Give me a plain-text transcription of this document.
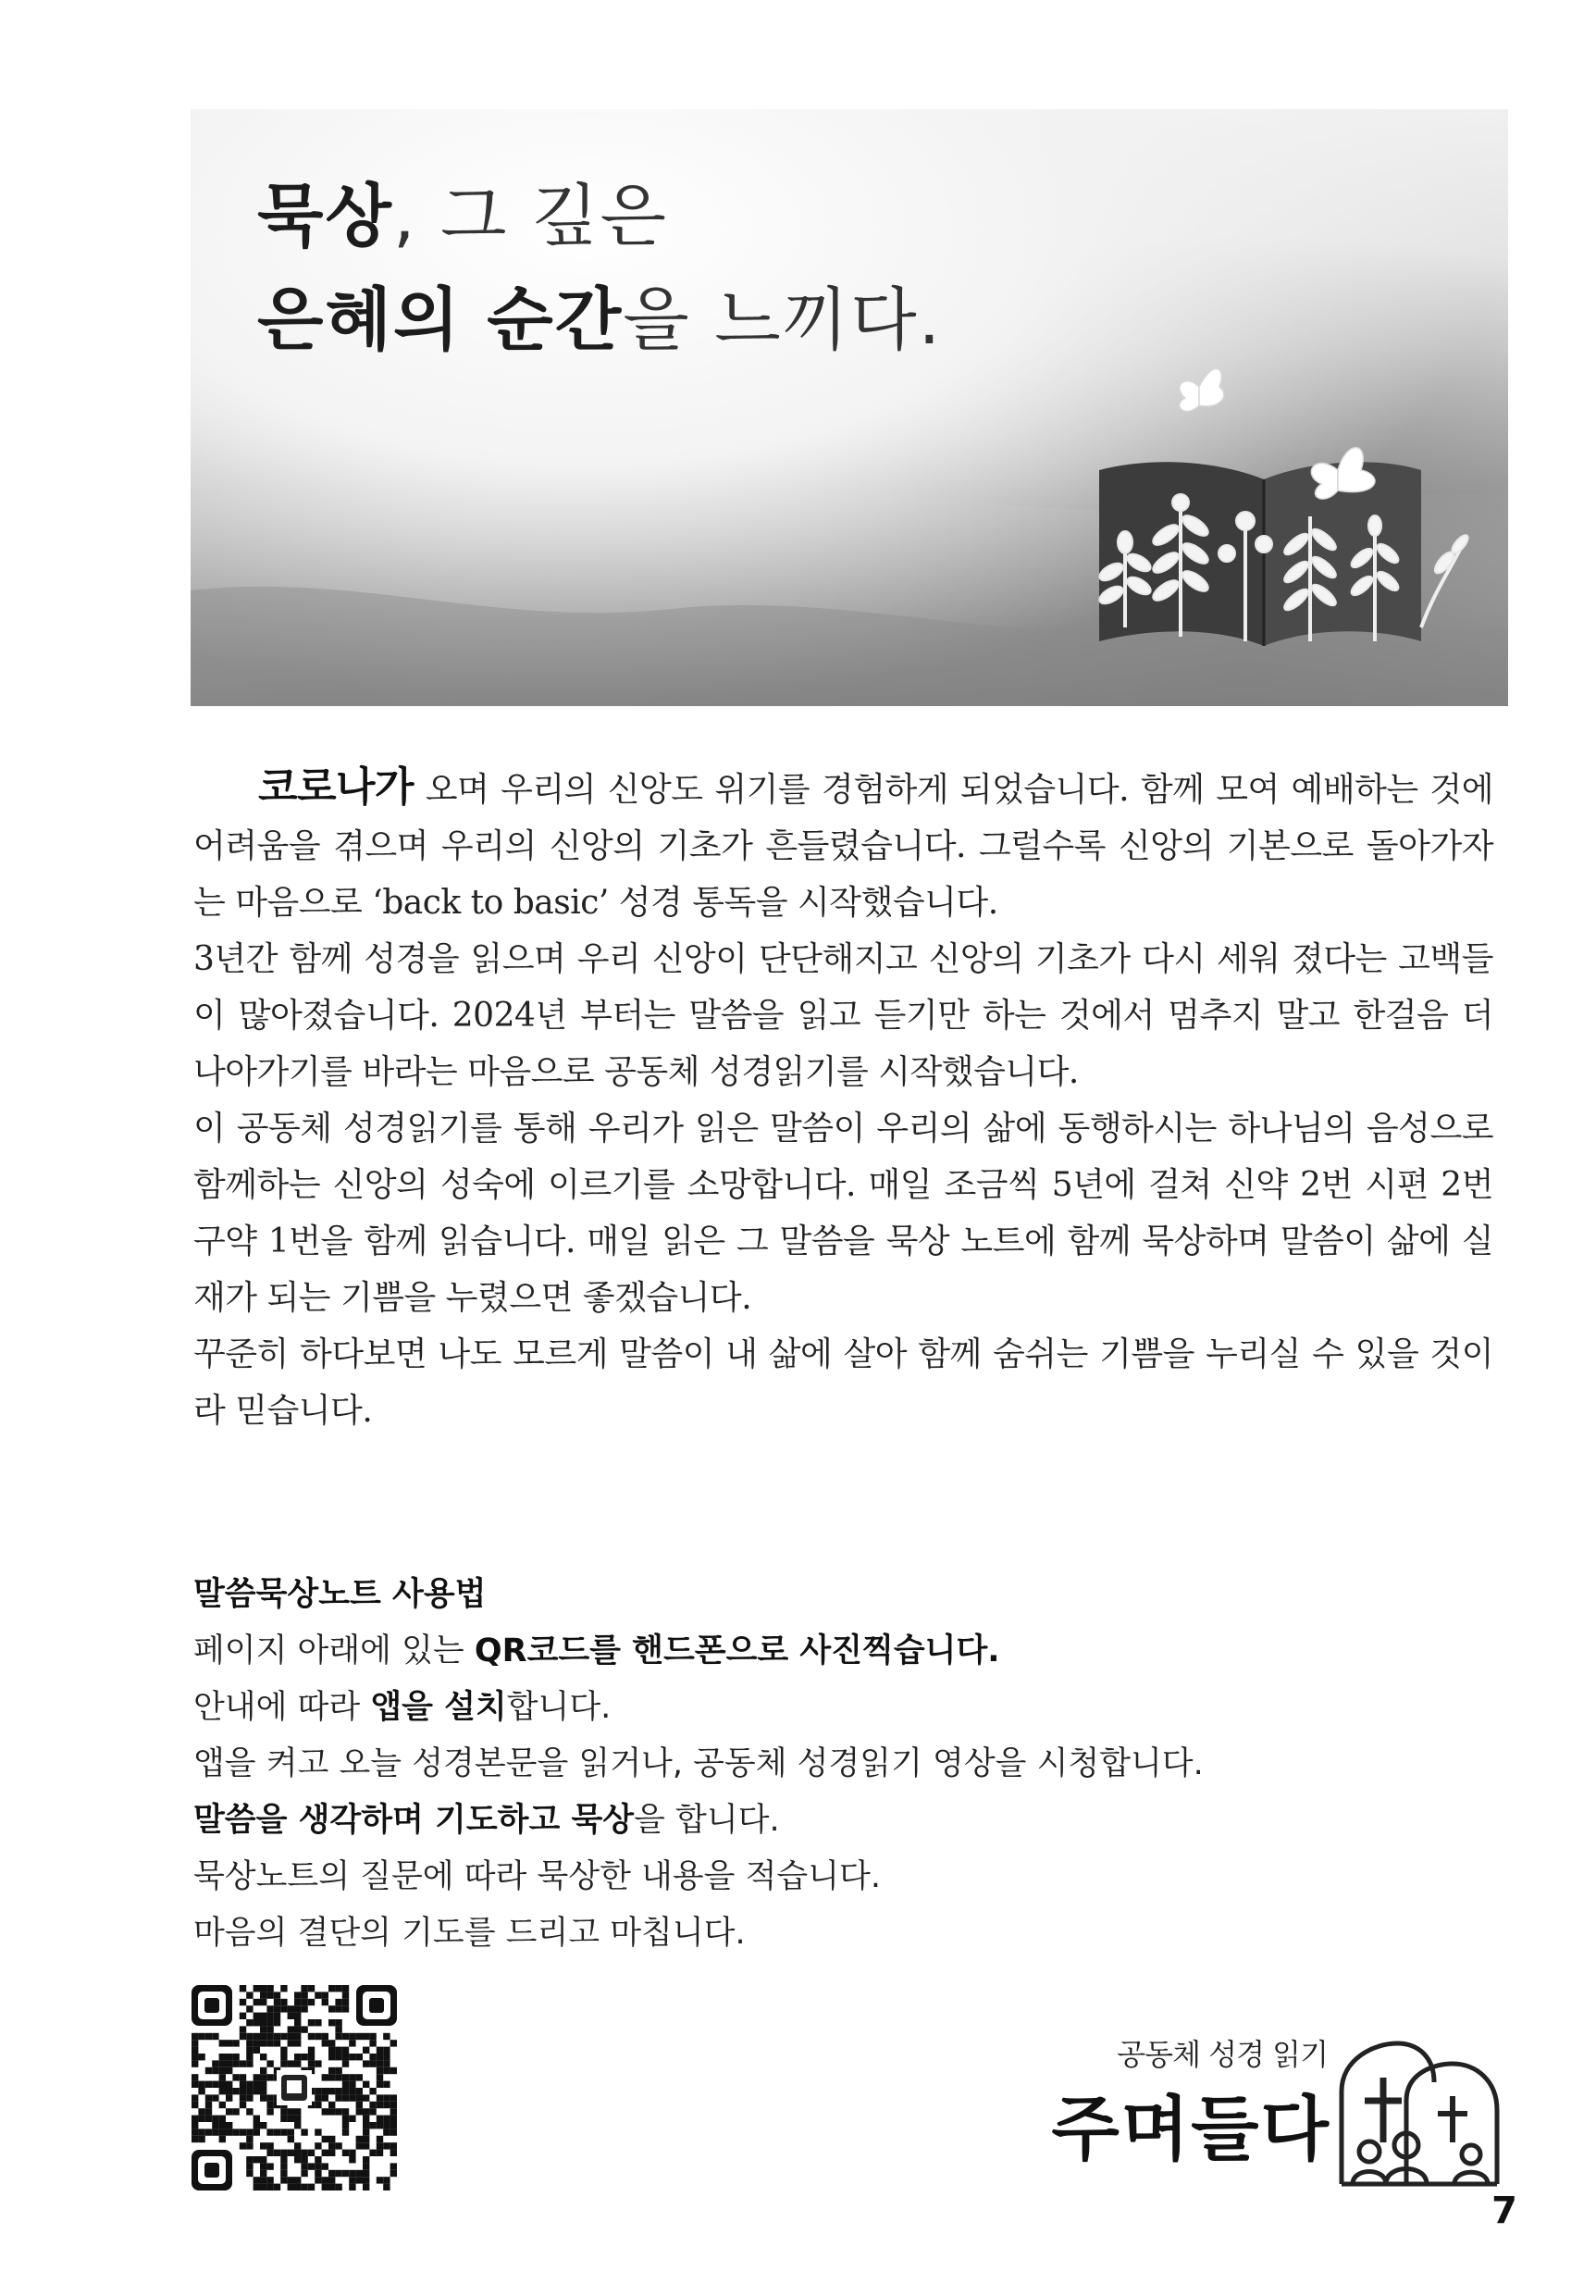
묵상, 그 깊은
은혜의 순간을 느끼다.

코로나가 오며 우리의 신앙도 위기를 경험하게 되었습니다. 함께 모여 예배하는 것에 어려움을 겪으며 우리의 신앙의 기초가 흔들렸습니다. 그럴수록 신앙의 기본으로 돌아가자는 마음으로 ‘back to basic’ 성경 통독을 시작했습니다.

3년간 함께 성경을 읽으며 우리 신앙이 단단해지고 신앙의 기초가 다시 세워 졌다는 고백들이 많아졌습니다. 2024년 부터는 말씀을 읽고 듣기만 하는 것에서 멈추지 말고 한걸음 더 나아가기를 바라는 마음으로 공동체 성경읽기를 시작했습니다.

이 공동체 성경읽기를 통해 우리가 읽은 말씀이 우리의 삶에 동행하시는 하나님의 음성으로 함께하는 신앙의 성숙에 이르기를 소망합니다. 매일 조금씩 5년에 걸쳐 신약 2번 시편 2번 구약 1번을 함께 읽습니다. 매일 읽은 그 말씀을 묵상 노트에 함께 묵상하며 말씀이 삶에 실재가 되는 기쁨을 누렸으면 좋겠습니다.

꾸준히 하다보면 나도 모르게 말씀이 내 삶에 살아 함께 숨쉬는 기쁨을 누리실 수 있을 것이라 믿습니다.

말씀묵상노트 사용법
페이지 아래에 있는 QR코드를 핸드폰으로 사진찍습니다.
안내에 따라 앱을 설치합니다.
앱을 켜고 오늘 성경본문을 읽거나, 공동체 성경읽기 영상을 시청합니다.
말씀을 생각하며 기도하고 묵상을 합니다.
묵상노트의 질문에 따라 묵상한 내용을 적습니다.
마음의 결단의 기도를 드리고 마칩니다.
공동체 성경 읽기
주며들다
7
